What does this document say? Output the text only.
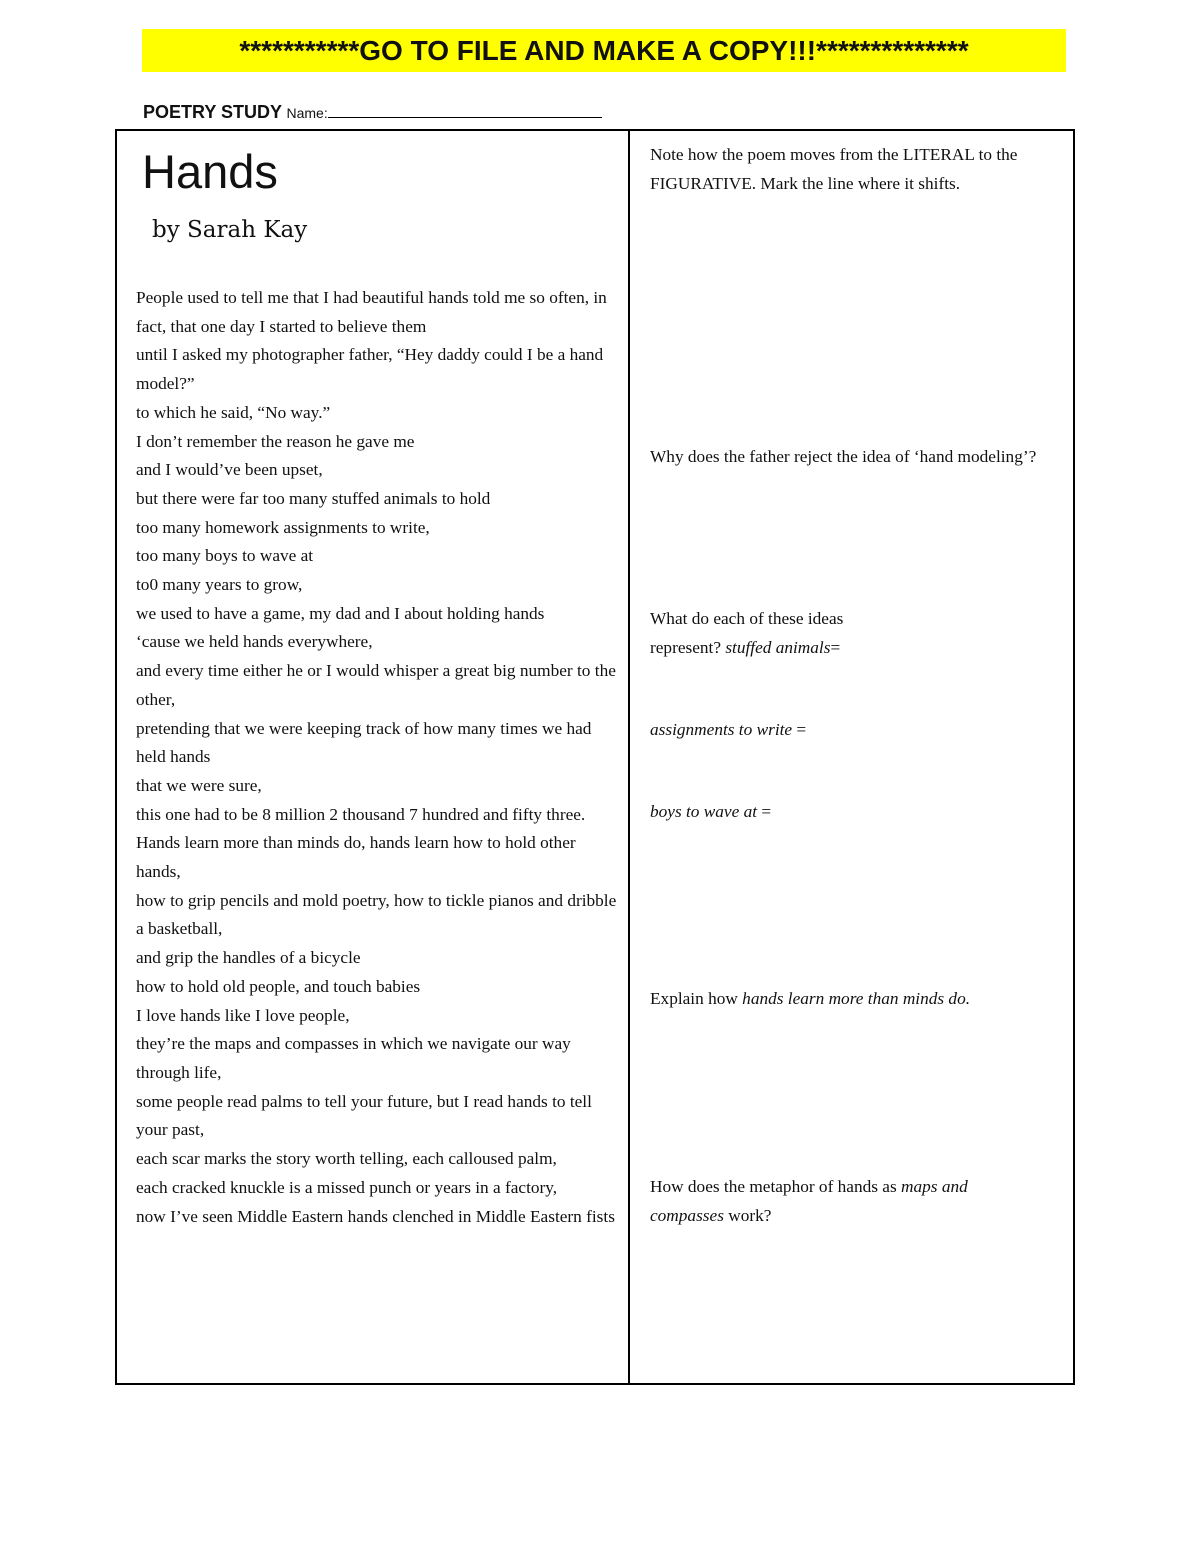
***********GO TO FILE AND MAKE A COPY!!!**************
POETRY STUDY Name:
Hands
by Sarah Kay
People used to tell me that I had beautiful hands told me so often, in fact, that one day I started to believe them
until I asked my photographer father, “Hey daddy could I be a hand model?”
to which he said, “No way.”
I don’t remember the reason he gave me
and I would’ve been upset,
but there were far too many stuffed animals to hold
too many homework assignments to write,
too many boys to wave at
to0 many years to grow,
we used to have a game, my dad and I about holding hands
‘cause we held hands everywhere,
and every time either he or I would whisper a great big number to the other,
pretending that we were keeping track of how many times we had held hands
that we were sure,
this one had to be 8 million 2 thousand 7 hundred and fifty three.
Hands learn more than minds do, hands learn how to hold other hands,
how to grip pencils and mold poetry, how to tickle pianos and dribble a basketball,
and grip the handles of a bicycle
how to hold old people, and touch babies
I love hands like I love people,
they’re the maps and compasses in which we navigate our way through life,
some people read palms to tell your future, but I read hands to tell your past,
each scar marks the story worth telling, each calloused palm,
each cracked knuckle is a missed punch or years in a factory,
now I’ve seen Middle Eastern hands clenched in Middle Eastern fists
Note how the poem moves from the LITERAL to the FIGURATIVE. Mark the line where it shifts.
Why does the father reject the idea of ‘hand modeling’?
What do each of these ideas represent? stuffed animals=
assignments to write =
boys to wave at =
Explain how hands learn more than minds do.
How does the metaphor of hands as maps and compasses work?
